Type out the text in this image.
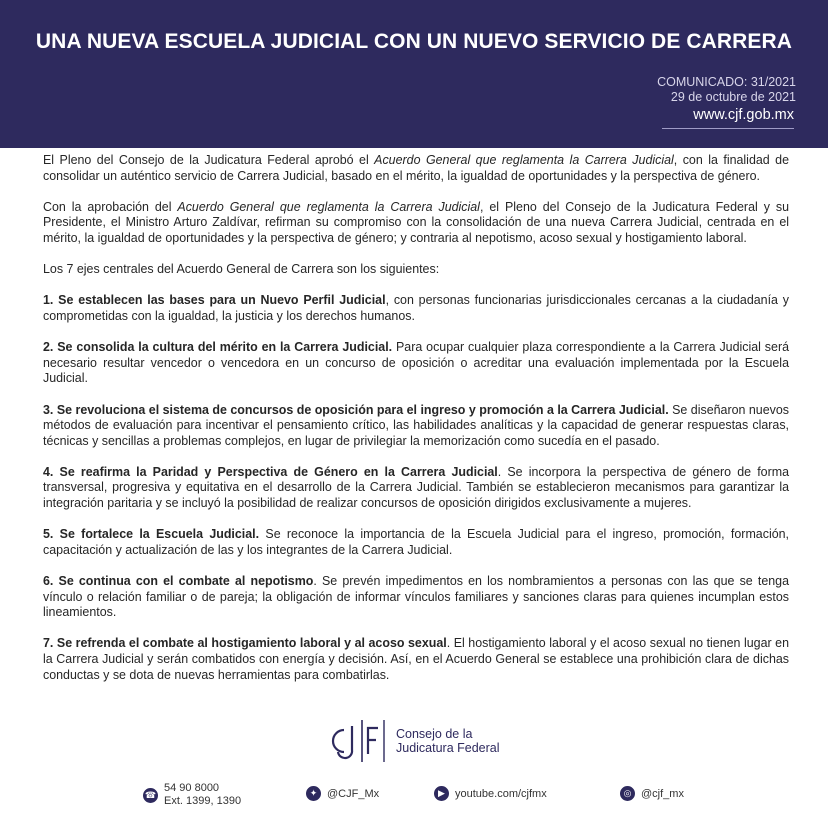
UNA NUEVA ESCUELA JUDICIAL CON UN NUEVO SERVICIO DE CARRERA
COMUNICADO: 31/2021
29 de octubre de 2021
www.cjf.gob.mx

El Pleno del Consejo de la Judicatura Federal aprobó el Acuerdo General que reglamenta la Carrera Judicial, con la finalidad de consolidar un auténtico servicio de Carrera Judicial, basado en el mérito, la igualdad de oportunidades y la perspectiva de género.

Con la aprobación del Acuerdo General que reglamenta la Carrera Judicial, el Pleno del Consejo de la Judicatura Federal y su Presidente, el Ministro Arturo Zaldívar, refirman su compromiso con la consolidación de una nueva Carrera Judicial, centrada en el mérito, la igualdad de oportunidades y la perspectiva de género; y contraria al nepotismo, acoso sexual y hostigamiento laboral.

Los 7 ejes centrales del Acuerdo General de Carrera son los siguientes:

1. Se establecen las bases para un Nuevo Perfil Judicial, con personas funcionarias jurisdiccionales cercanas a la ciudadanía y comprometidas con la igualdad, la justicia y los derechos humanos.

2. Se consolida la cultura del mérito en la Carrera Judicial. Para ocupar cualquier plaza correspondiente a la Carrera Judicial será necesario resultar vencedor o vencedora en un concurso de oposición o acreditar una evaluación implementada por la Escuela Judicial.

3. Se revoluciona el sistema de concursos de oposición para el ingreso y promoción a la Carrera Judicial. Se diseñaron nuevos métodos de evaluación para incentivar el pensamiento crítico, las habilidades analíticas y la capacidad de generar respuestas claras, técnicas y sencillas a problemas complejos, en lugar de privilegiar la memorización como sucedía en el pasado.

4. Se reafirma la Paridad y Perspectiva de Género en la Carrera Judicial. Se incorpora la perspectiva de género de forma transversal, progresiva y equitativa en el desarrollo de la Carrera Judicial. También se establecieron mecanismos para garantizar la integración paritaria y se incluyó la posibilidad de realizar concursos de oposición dirigidos exclusivamente a mujeres.

5. Se fortalece la Escuela Judicial. Se reconoce la importancia de la Escuela Judicial para el ingreso, promoción, formación, capacitación y actualización de las y los integrantes de la Carrera Judicial.

6. Se continua con el combate al nepotismo. Se prevén impedimentos en los nombramientos a personas con las que se tenga vínculo o relación familiar o de pareja; la obligación de informar vínculos familiares y sanciones claras para quienes incumplan estos lineamientos.

7. Se refrenda el combate al hostigamiento laboral y al acoso sexual. El hostigamiento laboral y el acoso sexual no tienen lugar en la Carrera Judicial y serán combatidos con energía y decisión. Así, en el Acuerdo General se establece una prohibición clara de dichas conductas y se dota de nuevas herramientas para combatirlas.

Consejo de la
Judicatura Federal
☎
54 90 8000
Ext. 1399, 1390
✦ @CJF_Mx	▶ youtube.com/cjfmx	◎ @cjf_mx
